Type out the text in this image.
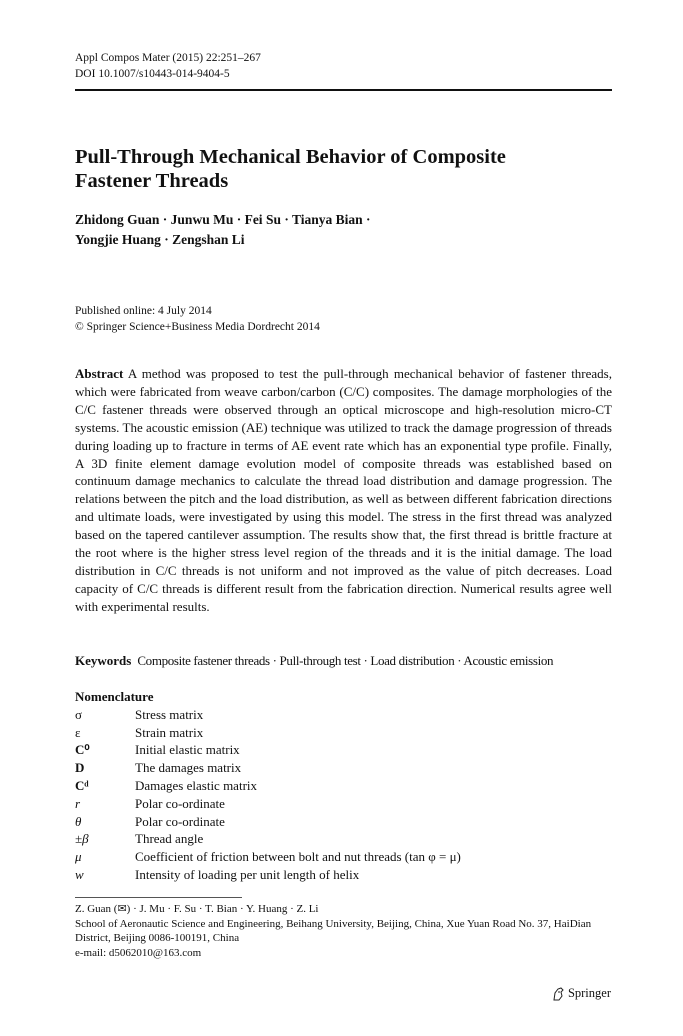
Appl Compos Mater (2015) 22:251–267
DOI 10.1007/s10443-014-9404-5
Pull-Through Mechanical Behavior of Composite
Fastener Threads
Zhidong Guan · Junwu Mu · Fei Su · Tianya Bian ·
Yongjie Huang · Zengshan Li
Published online: 4 July 2014
© Springer Science+Business Media Dordrecht 2014
Abstract A method was proposed to test the pull-through mechanical behavior of fastener threads, which were fabricated from weave carbon/carbon (C/C) composites. The damage morphologies of the C/C fastener threads were observed through an optical microscope and high-resolution micro-CT systems. The acoustic emission (AE) technique was utilized to track the damage progression of threads during loading up to fracture in terms of AE event rate which has an exponential type profile. Finally, A 3D finite element damage evolution model of composite threads was established based on continuum damage mechanics to calculate the thread load distribution and damage progression. The relations between the pitch and the load distribution, as well as between different fabrication directions and ultimate loads, were investigated by using this model. The stress in the first thread was analyzed based on the tapered cantilever assumption. The results show that, the first thread is brittle fracture at the root where is the higher stress level region of the threads and it is the initial damage. The load distribution in C/C threads is not uniform and not improved as the value of pitch decreases. Load capacity of C/C threads is different result from the fabrication direction. Numerical results agree well with experimental results.
Keywords Composite fastener threads · Pull-through test · Load distribution · Acoustic emission
Nomenclature
σ	Stress matrix
ε	Strain matrix
C⁰	Initial elastic matrix
D	The damages matrix
Cᵈ	Damages elastic matrix
r	Polar co-ordinate
θ	Polar co-ordinate
±β	Thread angle
μ	Coefficient of friction between bolt and nut threads (tan φ = μ)
w	Intensity of loading per unit length of helix
Z. Guan (✉) · J. Mu · F. Su · T. Bian · Y. Huang · Z. Li
School of Aeronautic Science and Engineering, Beihang University, Beijing, China, Xue Yuan Road No. 37, HaiDian District, Beijing 0086-100191, China
e-mail: d5062010@163.com
Springer
